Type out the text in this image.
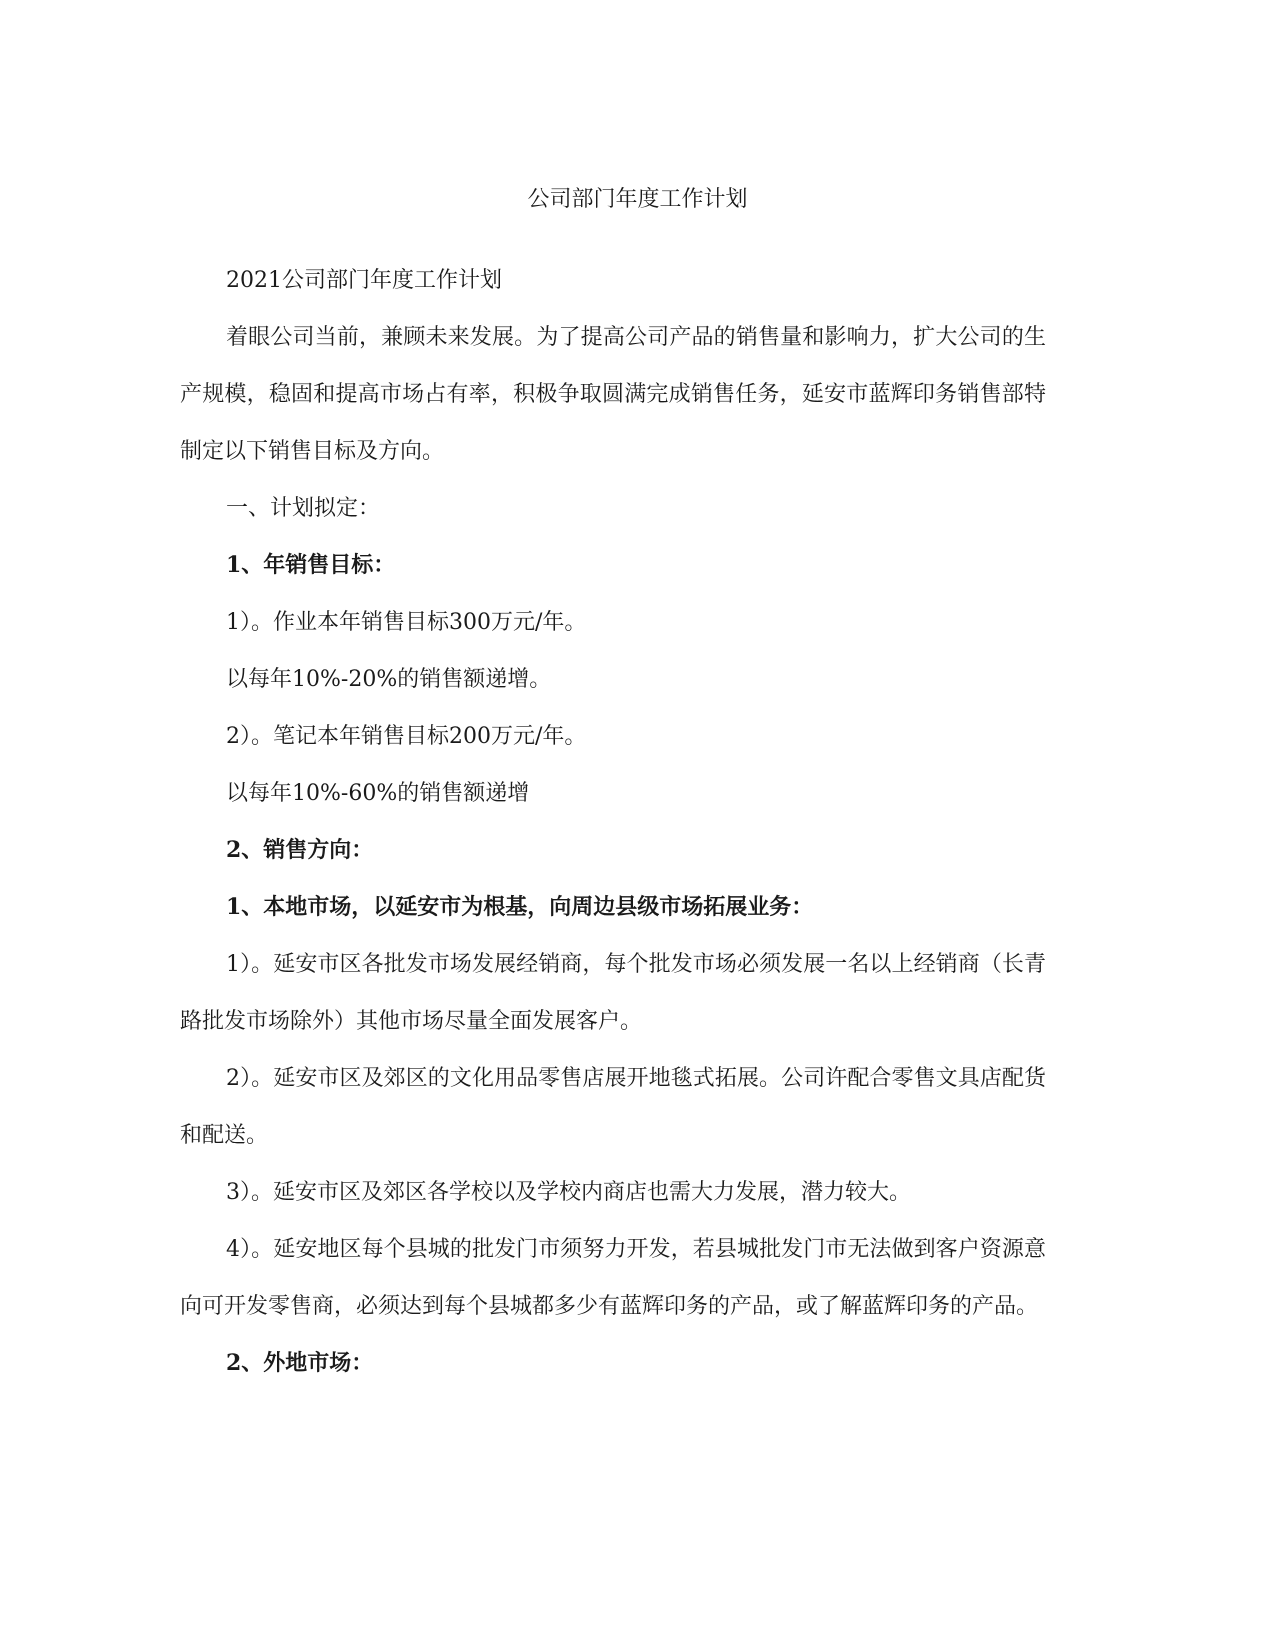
公司部门年度工作计划

2021公司部门年度工作计划

着眼公司当前，兼顾未来发展。为了提高公司产品的销售量和影响力，扩大公司的生产规模，稳固和提高市场占有率，积极争取圆满完成销售任务，延安市蓝辉印务销售部特制定以下销售目标及方向。

一、计划拟定：

1、年销售目标：

1）。作业本年销售目标300万元/年。

以每年10%-20%的销售额递增。

2）。笔记本年销售目标200万元/年。

以每年10%-60%的销售额递增

2、销售方向：

1、本地市场，以延安市为根基，向周边县级市场拓展业务：

1）。延安市区各批发市场发展经销商，每个批发市场必须发展一名以上经销商（长青路批发市场除外）其他市场尽量全面发展客户。

2）。延安市区及郊区的文化用品零售店展开地毯式拓展。公司许配合零售文具店配货和配送。

3）。延安市区及郊区各学校以及学校内商店也需大力发展，潜力较大。

4）。延安地区每个县城的批发门市须努力开发，若县城批发门市无法做到客户资源意向可开发零售商，必须达到每个县城都多少有蓝辉印务的产品，或了解蓝辉印务的产品。

2、外地市场：
